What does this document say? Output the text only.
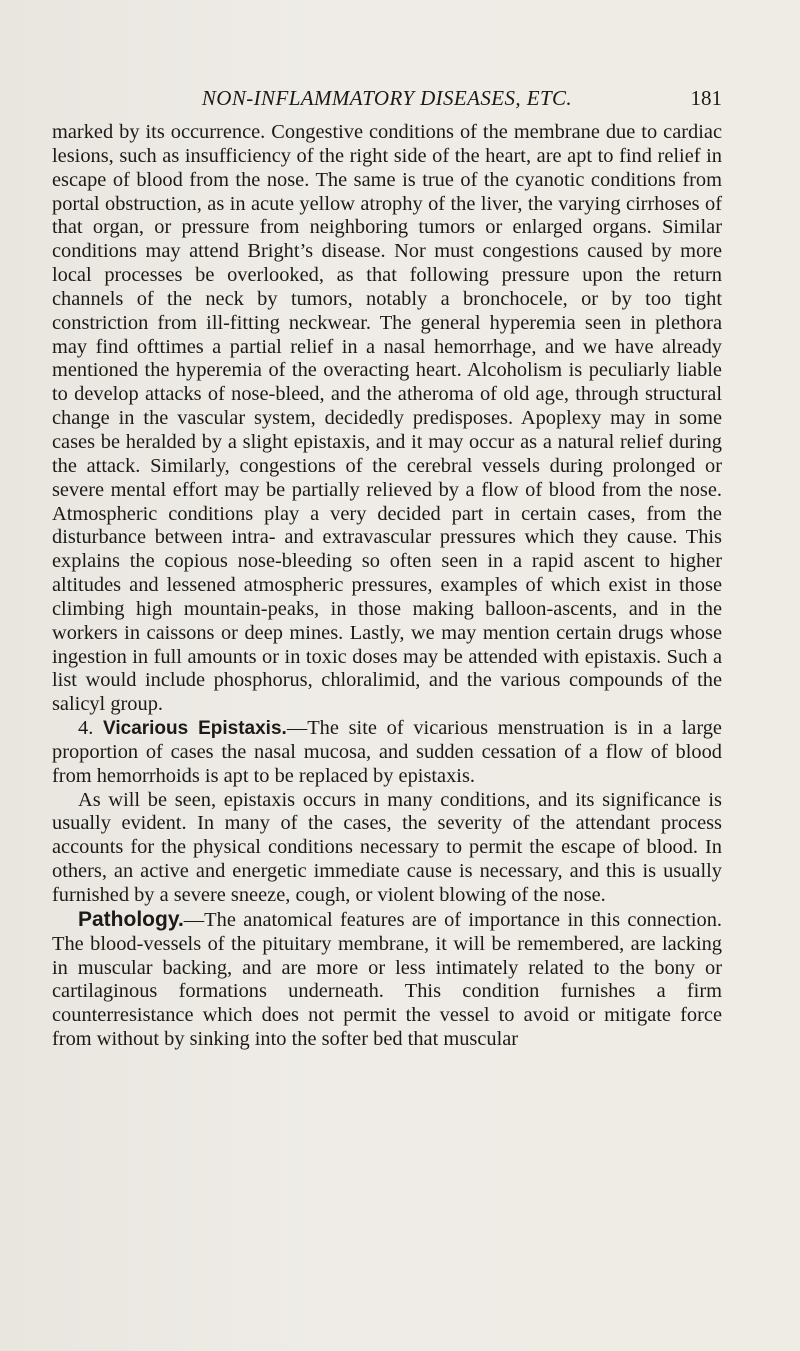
NON-INFLAMMATORY DISEASES, ETC.	181

marked by its occurrence. Congestive conditions of the membrane due to cardiac lesions, such as insufficiency of the right side of the heart, are apt to find relief in escape of blood from the nose. The same is true of the cyanotic conditions from portal obstruction, as in acute yellow atrophy of the liver, the varying cirrhoses of that organ, or pressure from neighboring tumors or enlarged organs. Similar conditions may attend Bright’s disease. Nor must congestions caused by more local processes be overlooked, as that following pressure upon the return channels of the neck by tumors, notably a bronchocele, or by too tight constriction from ill-fitting neckwear. The general hyperemia seen in plethora may find ofttimes a partial relief in a nasal hemorrhage, and we have already mentioned the hyperemia of the overacting heart. Alcoholism is peculiarly liable to develop attacks of nose-bleed, and the atheroma of old age, through structural change in the vascular system, decidedly predisposes. Apoplexy may in some cases be heralded by a slight epistaxis, and it may occur as a natural relief during the attack. Similarly, congestions of the cerebral vessels during prolonged or severe mental effort may be partially relieved by a flow of blood from the nose. Atmospheric conditions play a very decided part in certain cases, from the disturbance between intra- and extravascular pressures which they cause. This explains the copious nose-bleeding so often seen in a rapid ascent to higher altitudes and lessened atmospheric pressures, examples of which exist in those climbing high mountain-peaks, in those making balloon-ascents, and in the workers in caissons or deep mines. Lastly, we may mention certain drugs whose ingestion in full amounts or in toxic doses may be attended with epistaxis. Such a list would include phosphorus, chloralimid, and the various compounds of the salicyl group.

4. Vicarious Epistaxis.—The site of vicarious menstruation is in a large proportion of cases the nasal mucosa, and sudden cessation of a flow of blood from hemorrhoids is apt to be replaced by epistaxis.

As will be seen, epistaxis occurs in many conditions, and its significance is usually evident. In many of the cases, the severity of the attendant process accounts for the physical conditions necessary to permit the escape of blood. In others, an active and energetic immediate cause is necessary, and this is usually furnished by a severe sneeze, cough, or violent blowing of the nose.

Pathology.—The anatomical features are of importance in this connection. The blood-vessels of the pituitary membrane, it will be remembered, are lacking in muscular backing, and are more or less intimately related to the bony or cartilaginous formations underneath. This condition furnishes a firm counterresistance which does not permit the vessel to avoid or mitigate force from without by sinking into the softer bed that muscular
